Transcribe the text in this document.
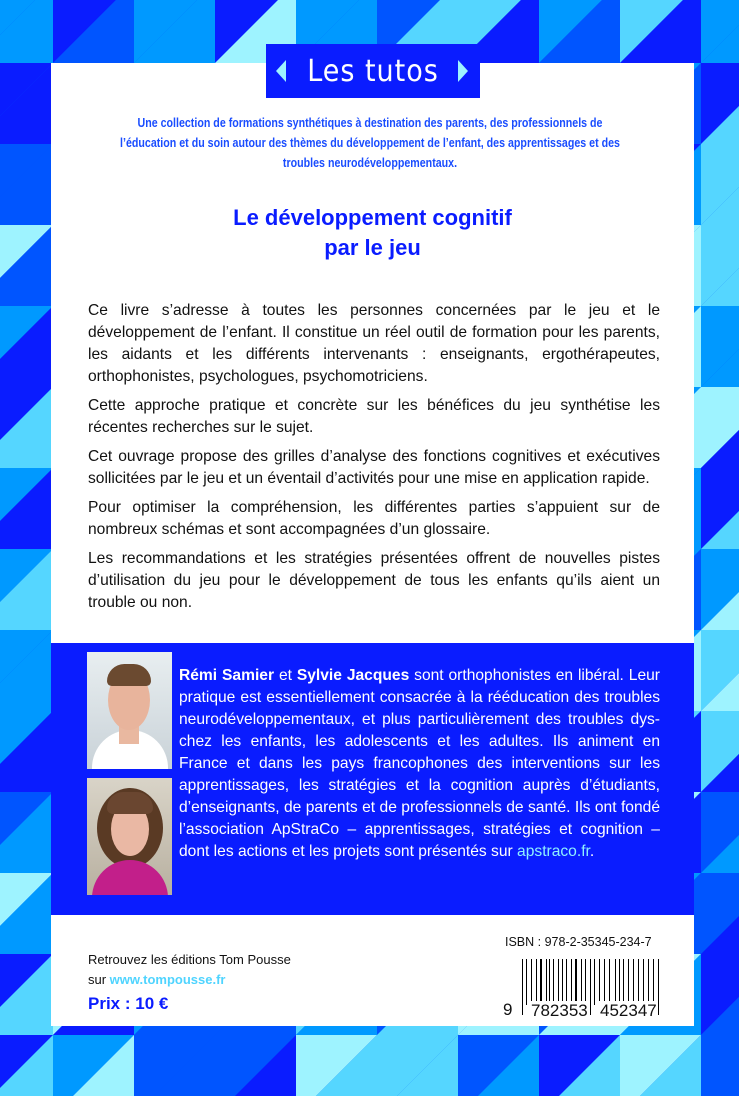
Les tutos
Une collection de formations synthétiques à destination des parents, des professionnels de l’éducation et du soin autour des thèmes du développement de l’enfant, des apprentissages et des troubles neurodéveloppementaux.
Le développement cognitif
par le jeu

Ce livre s’adresse à toutes les personnes concernées par le jeu et le développement de l’enfant. Il constitue un réel outil de formation pour les parents, les aidants et les différents intervenants : enseignants, ergothérapeutes, orthophonistes, psychologues, psychomotriciens.

Cette approche pratique et concrète sur les bénéfices du jeu synthétise les récentes recherches sur le sujet.

Cet ouvrage propose des grilles d’analyse des fonctions cognitives et exécutives sollicitées par le jeu et un éventail d’activités pour une mise en application rapide.

Pour optimiser la compréhension, les différentes parties s’appuient sur de nombreux schémas et sont accompagnées d’un glossaire.

Les recommandations et les stratégies présentées offrent de nouvelles pistes d’utilisation du jeu pour le développement de tous les enfants qu’ils aient un trouble ou non.

Rémi Samier et Sylvie Jacques sont orthophonistes en libéral. Leur pratique est essentiellement consacrée à la rééducation des troubles neurodéveloppementaux, et plus particulièrement des troubles dys- chez les enfants, les adolescents et les adultes. Ils animent en France et dans les pays francophones des interventions sur les apprentissages, les stratégies et la cognition auprès d’étudiants, d’enseignants, de parents et de professionnels de santé. Ils ont fondé l’association ApStraCo – apprentissages, stratégies et cognition – dont les actions et les projets sont présentés sur apstraco.fr.
Retrouvez les éditions Tom Pousse
sur www.tompousse.fr
Prix : 10 €
ISBN : 978-2-35345-234-7
9 782353 452347
